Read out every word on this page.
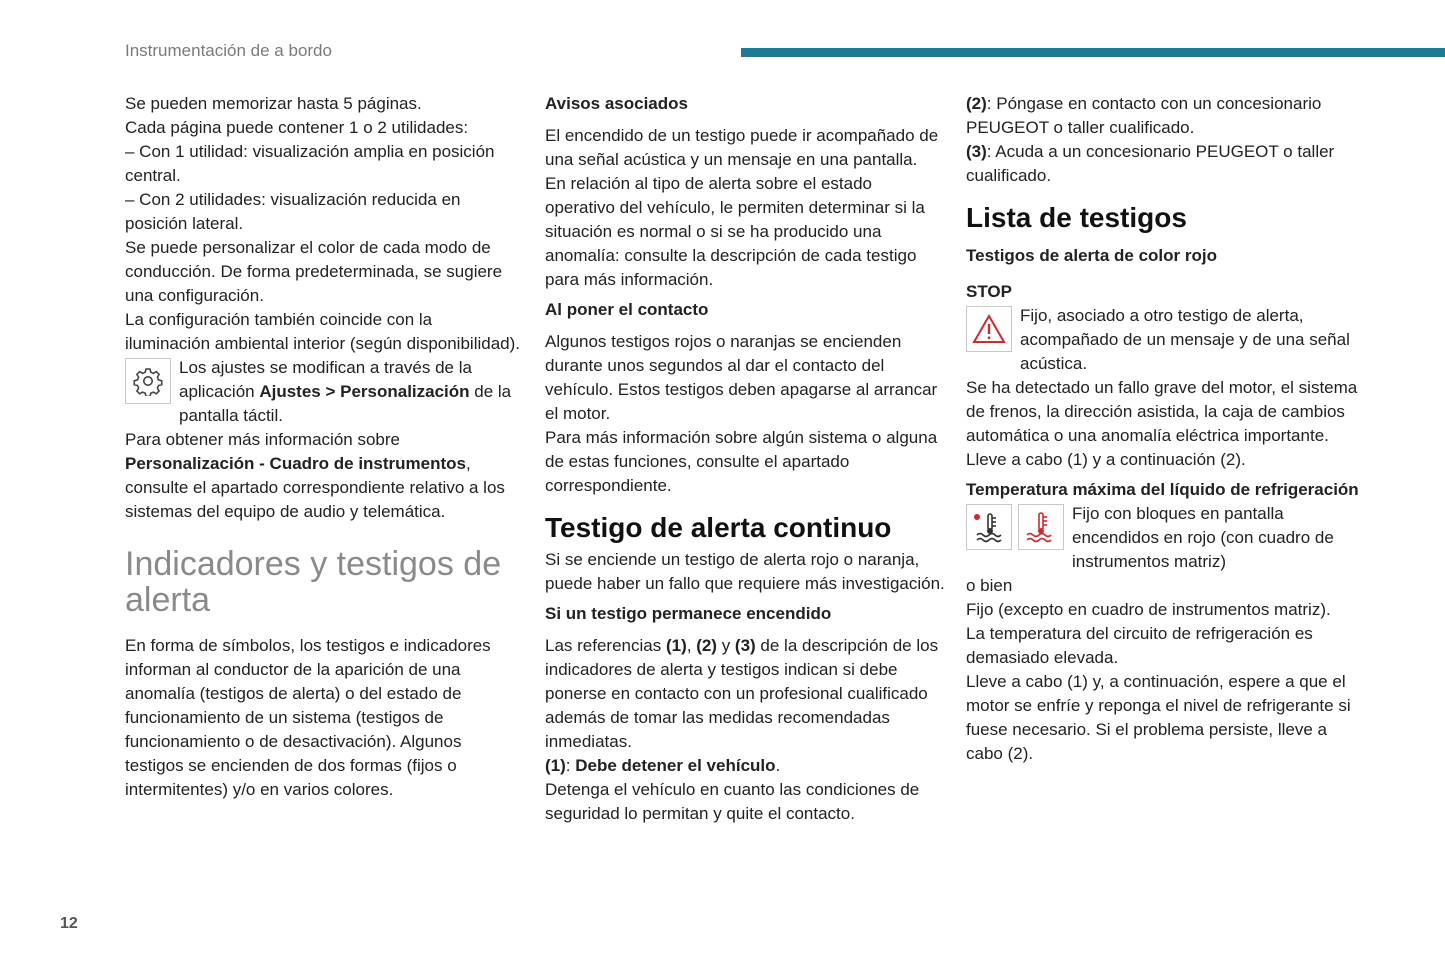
Instrumentación de a bordo

Se pueden memorizar hasta 5 páginas.

Cada página puede contener 1 o 2 utilidades:

– Con 1 utilidad: visualización amplia en posición central.

– Con 2 utilidades: visualización reducida en posición lateral.

Se puede personalizar el color de cada modo de conducción. De forma predeterminada, se sugiere una configuración.

La configuración también coincide con la iluminación ambiental interior (según disponibilidad).

Los ajustes se modifican a través de la aplicación Ajustes > Personalización de la pantalla táctil.

Para obtener más información sobre Personalización - Cuadro de instrumentos, consulte el apartado correspondiente relativo a los sistemas del equipo de audio y telemática.

Indicadores y testigos de alerta

En forma de símbolos, los testigos e indicadores informan al conductor de la aparición de una anomalía (testigos de alerta) o del estado de funcionamiento de un sistema (testigos de funcionamiento o de desactivación). Algunos testigos se encienden de dos formas (fijos o intermitentes) y/o en varios colores.

Avisos asociados

El encendido de un testigo puede ir acompañado de una señal acústica y un mensaje en una pantalla.

En relación al tipo de alerta sobre el estado operativo del vehículo, le permiten determinar si la situación es normal o si se ha producido una anomalía: consulte la descripción de cada testigo para más información.

Al poner el contacto

Algunos testigos rojos o naranjas se encienden durante unos segundos al dar el contacto del vehículo. Estos testigos deben apagarse al arrancar el motor.

Para más información sobre algún sistema o alguna de estas funciones, consulte el apartado correspondiente.

Testigo de alerta continuo

Si se enciende un testigo de alerta rojo o naranja, puede haber un fallo que requiere más investigación.

Si un testigo permanece encendido

Las referencias (1), (2) y (3) de la descripción de los indicadores de alerta y testigos indican si debe ponerse en contacto con un profesional cualificado además de tomar las medidas recomendadas inmediatas.

(1): Debe detener el vehículo.

Detenga el vehículo en cuanto las condiciones de seguridad lo permitan y quite el contacto.

(2): Póngase en contacto con un concesionario PEUGEOT o taller cualificado.

(3): Acuda a un concesionario PEUGEOT o taller cualificado.

Lista de testigos

Testigos de alerta de color rojo

STOP

Fijo, asociado a otro testigo de alerta, acompañado de un mensaje y de una señal acústica.

Se ha detectado un fallo grave del motor, el sistema de frenos, la dirección asistida, la caja de cambios automática o una anomalía eléctrica importante.

Lleve a cabo (1) y a continuación (2).

Temperatura máxima del líquido de refrigeración

Fijo con bloques en pantalla encendidos en rojo (con cuadro de instrumentos matriz)

o bien

Fijo (excepto en cuadro de instrumentos matriz).

La temperatura del circuito de refrigeración es demasiado elevada.

Lleve a cabo (1) y, a continuación, espere a que el motor se enfríe y reponga el nivel de refrigerante si fuese necesario. Si el problema persiste, lleve a cabo (2).

12
